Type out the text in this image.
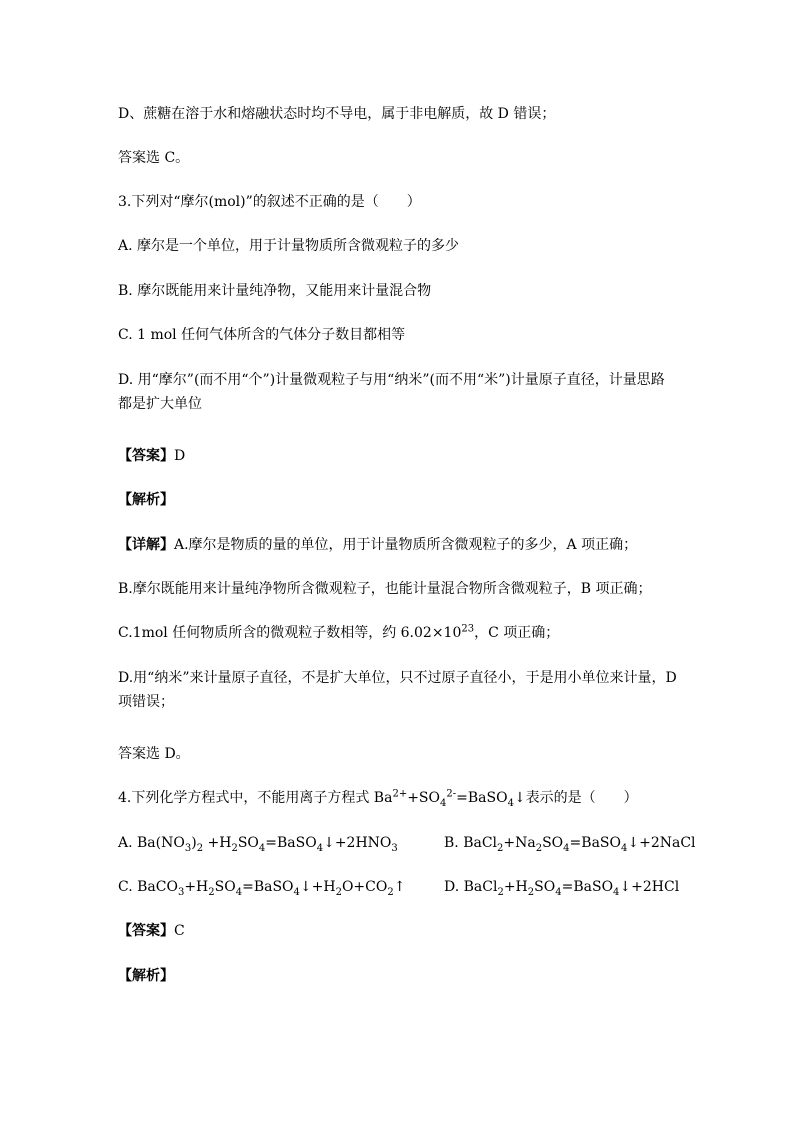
D、蔗糖在溶于水和熔融状态时均不导电，属于非电解质，故 D 错误；
答案选 C。
3.下列对“摩尔(mol)”的叙述不正确的是（　　）
A. 摩尔是一个单位，用于计量物质所含微观粒子的多少
B. 摩尔既能用来计量纯净物，又能用来计量混合物
C. 1 mol 任何气体所含的气体分子数目都相等
D. 用“摩尔”(而不用“个”)计量微观粒子与用“纳米”(而不用“米”)计量原子直径，计量思路都是扩大单位
【答案】D
【解析】
【详解】A.摩尔是物质的量的单位，用于计量物质所含微观粒子的多少，A 项正确；
B.摩尔既能用来计量纯净物所含微观粒子，也能计量混合物所含微观粒子，B 项正确；
C.1mol 任何物质所含的微观粒子数相等，约 $6.02\times 10^{23}$，C 项正确；
D.用“纳米”来计量原子直径，不是扩大单位，只不过原子直径小，于是用小单位来计量，D 项错误；
答案选 D。
4.下列化学方程式中，不能用离子方程式 $Ba^{2+}+SO_4^{2-}=BaSO_4↓$表示的是（　　）
A. $Ba(NO_3)_2$ $+H_2SO_4=BaSO_4↓+2HNO_3$	B. $BaCl_2+Na_2SO_4=BaSO_4↓+2NaCl$
C. $BaCO_3+H_2SO_4=BaSO_4↓+H_2O+CO_2↑$	D. $BaCl_2+H_2SO_4=BaSO_4↓+2HCl$
【答案】C
【解析】
